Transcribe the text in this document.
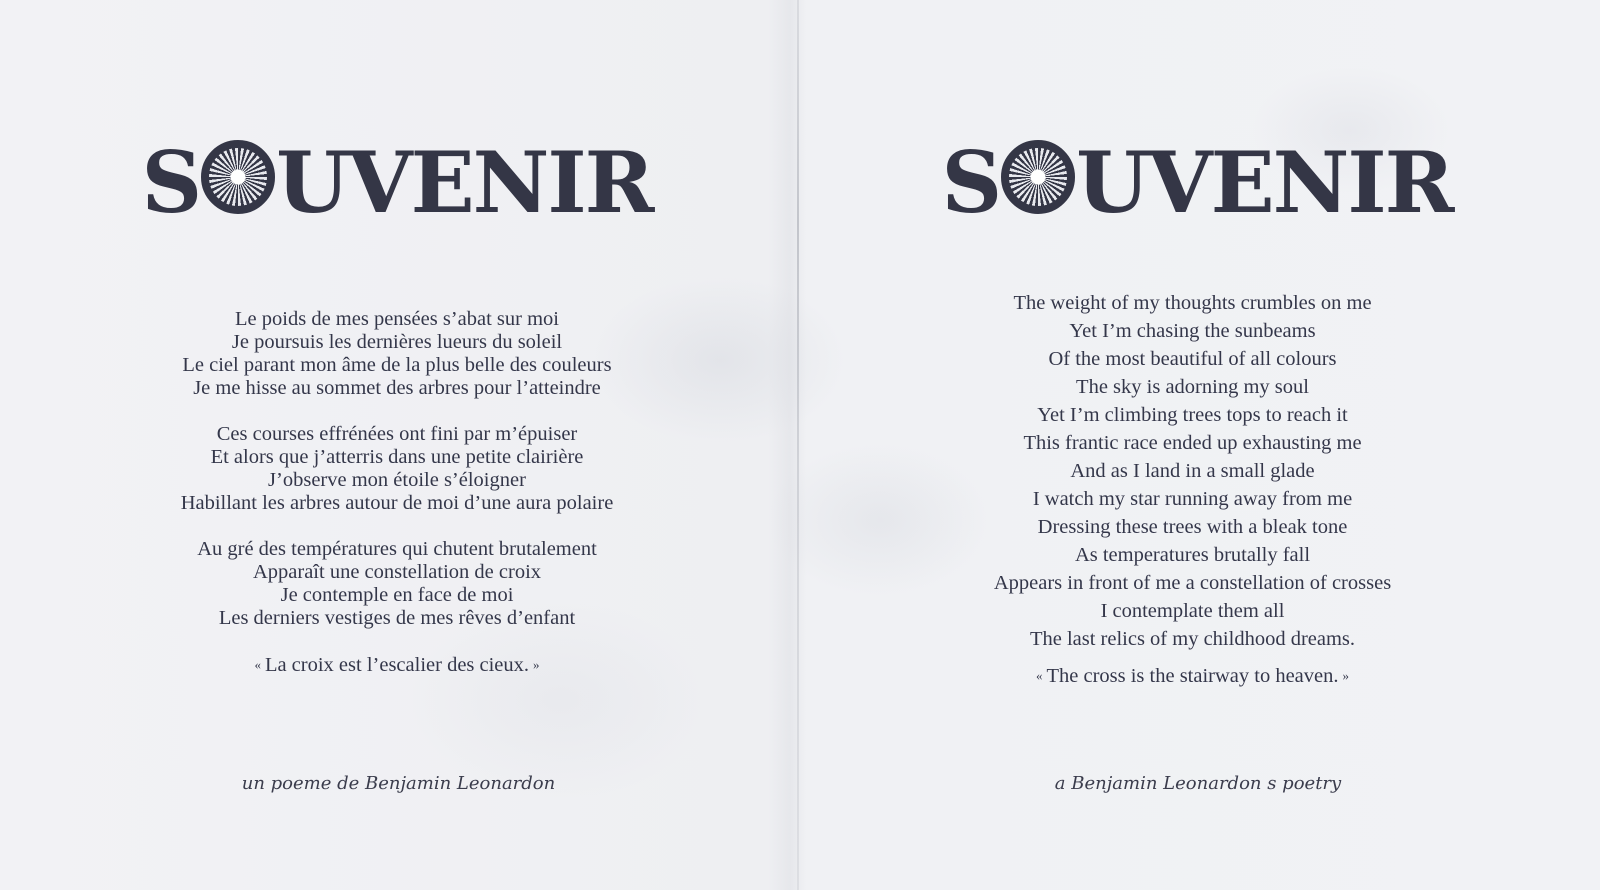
S UVENIR
Le poids de mes pensées s’abat sur moi
Je poursuis les dernières lueurs du soleil
Le ciel parant mon âme de la plus belle des couleurs
Je me hisse au sommet des arbres pour l’atteindre
Ces courses effrénées ont fini par m’épuiser
Et alors que j’atterris dans une petite clairière
J’observe mon étoile s’éloigner
Habillant les arbres autour de moi d’une aura polaire
Au gré des températures qui chutent brutalement
Apparaît une constellation de croix
Je contemple en face de moi
Les derniers vestiges de mes rêves d’enfant
« La croix est l’escalier des cieux. »
un poeme de Benjamin Leonardon
S UVENIR
The weight of my thoughts crumbles on me
Yet I’m chasing the sunbeams
Of the most beautiful of all colours
The sky is adorning my soul
Yet I’m climbing trees tops to reach it
This frantic race ended up exhausting me
And as I land in a small glade
I watch my star running away from me
Dressing these trees with a bleak tone
As temperatures brutally fall
Appears in front of me a constellation of crosses
I contemplate them all
The last relics of my childhood dreams.
« The cross is the stairway to heaven. »
a Benjamin Leonardon s poetry
